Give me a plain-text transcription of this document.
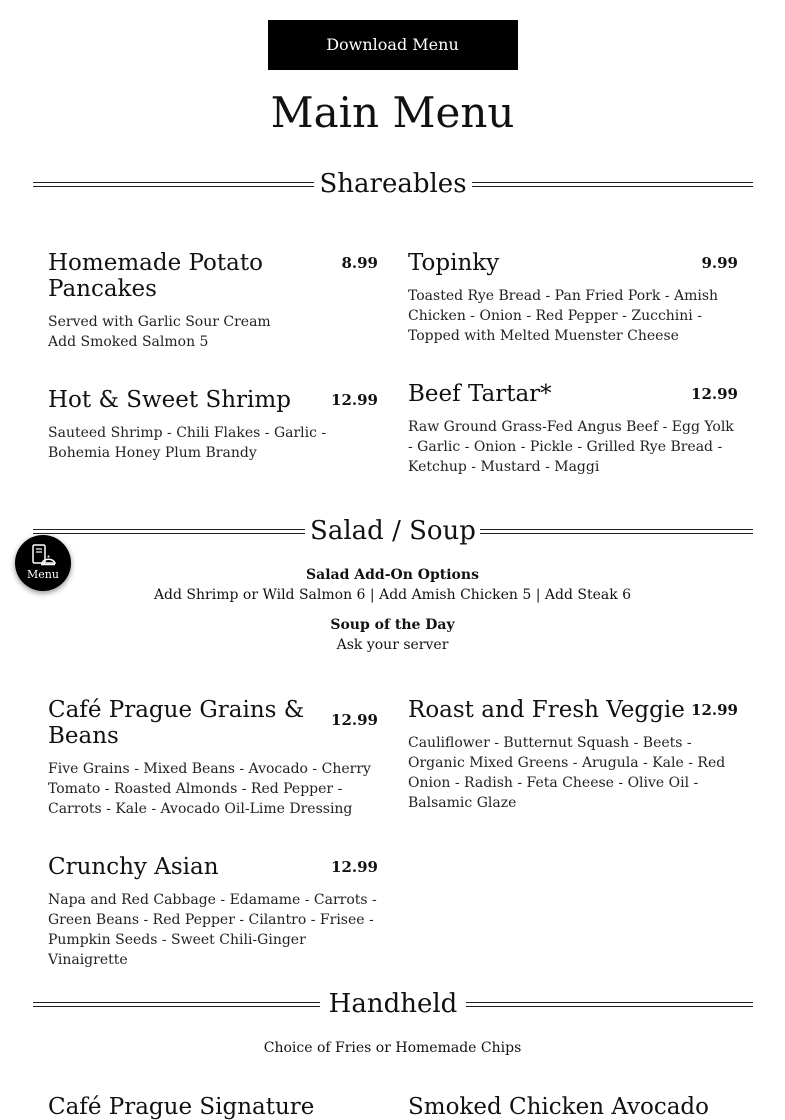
Download Menu
Main Menu
Shareables
Homemade Potato Pancakes
8.99
Served with Garlic Sour Cream
Add Smoked Salmon 5
Topinky	9.99
Toasted Rye Bread - Pan Fried Pork - Amish Chicken - Onion - Red Pepper - Zucchini - Topped with Melted Muenster Cheese
Hot & Sweet Shrimp	12.99
Sauteed Shrimp - Chili Flakes - Garlic - Bohemia Honey Plum Brandy
Beef Tartar*	12.99
Raw Ground Grass-Fed Angus Beef - Egg Yolk - Garlic - Onion - Pickle - Grilled Rye Bread - Ketchup - Mustard - Maggi
Salad / Soup
Salad Add-On Options
Add Shrimp or Wild Salmon 6 | Add Amish Chicken 5 | Add Steak 6
Soup of the Day
Ask your server
Café Prague Grains & Beans
12.99
Five Grains - Mixed Beans - Avocado - Cherry Tomato - Roasted Almonds - Red Pepper - Carrots - Kale - Avocado Oil-Lime Dressing
Roast and Fresh Veggie 12.99
Cauliflower - Butternut Squash - Beets - Organic Mixed Greens - Arugula - Kale - Red Onion - Radish - Feta Cheese - Olive Oil - Balsamic Glaze
Crunchy Asian	12.99
Napa and Red Cabbage - Edamame - Carrots - Green Beans - Red Pepper - Cilantro - Frisee - Pumpkin Seeds - Sweet Chili-Ginger Vinaigrette
Handheld
Choice of Fries or Homemade Chips
Café Prague Signature	Smoked Chicken Avocado
Menu
